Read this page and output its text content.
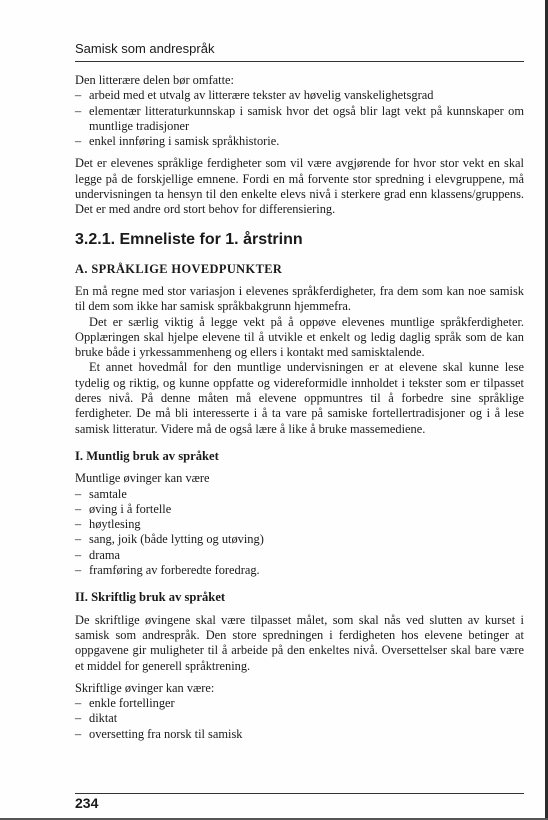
Samisk som andrespråk

Den litterære delen bør omfatte:

– arbeid med et utvalg av litterære tekster av høvelig vanskelighetsgrad
– elementær litteraturkunnskap i samisk hvor det også blir lagt vekt på kunnskaper om muntlige tradisjoner
– enkel innføring i samisk språkhistorie.

Det er elevenes språklige ferdigheter som vil være avgjørende for hvor stor vekt en skal legge på de forskjellige emnene. Fordi en må forvente stor spredning i elevgruppene, må undervisningen ta hensyn til den enkelte elevs nivå i sterkere grad enn klassens/gruppens. Det er med andre ord stort behov for differensiering.

3.2.1. Emneliste for 1. årstrinn
A. SPRÅKLIGE HOVEDPUNKTER

En må regne med stor variasjon i elevenes språkferdigheter, fra dem som kan noe samisk til dem som ikke har samisk språkbakgrunn hjemmefra.

Det er særlig viktig å legge vekt på å oppøve elevenes muntlige språkferdigheter. Opplæringen skal hjelpe elevene til å utvikle et enkelt og ledig daglig språk som de kan bruke både i yrkessammenheng og ellers i kontakt med samisktalende.

Et annet hovedmål for den muntlige undervisningen er at elevene skal kunne lese tydelig og riktig, og kunne oppfatte og videreformidle innholdet i tekster som er tilpasset deres nivå. På denne måten må elevene oppmuntres til å forbedre sine språklige ferdigheter. De må bli interesserte i å ta vare på samiske fortellertradisjoner og i å lese samisk litteratur. Videre må de også lære å like å bruke massemediene.

I. Muntlig bruk av språket

Muntlige øvinger kan være

– samtale
– øving i å fortelle
– høytlesing
– sang, joik (både lytting og utøving)
– drama
– framføring av forberedte foredrag.
II. Skriftlig bruk av språket

De skriftlige øvingene skal være tilpasset målet, som skal nås ved slutten av kurset i samisk som andrespråk. Den store spredningen i ferdigheten hos elevene betinger at oppgavene gir muligheter til å arbeide på den enkeltes nivå. Oversettelser skal bare være et middel for generell språktrening.

Skriftlige øvinger kan være:

– enkle fortellinger
– diktat
– oversetting fra norsk til samisk
234
